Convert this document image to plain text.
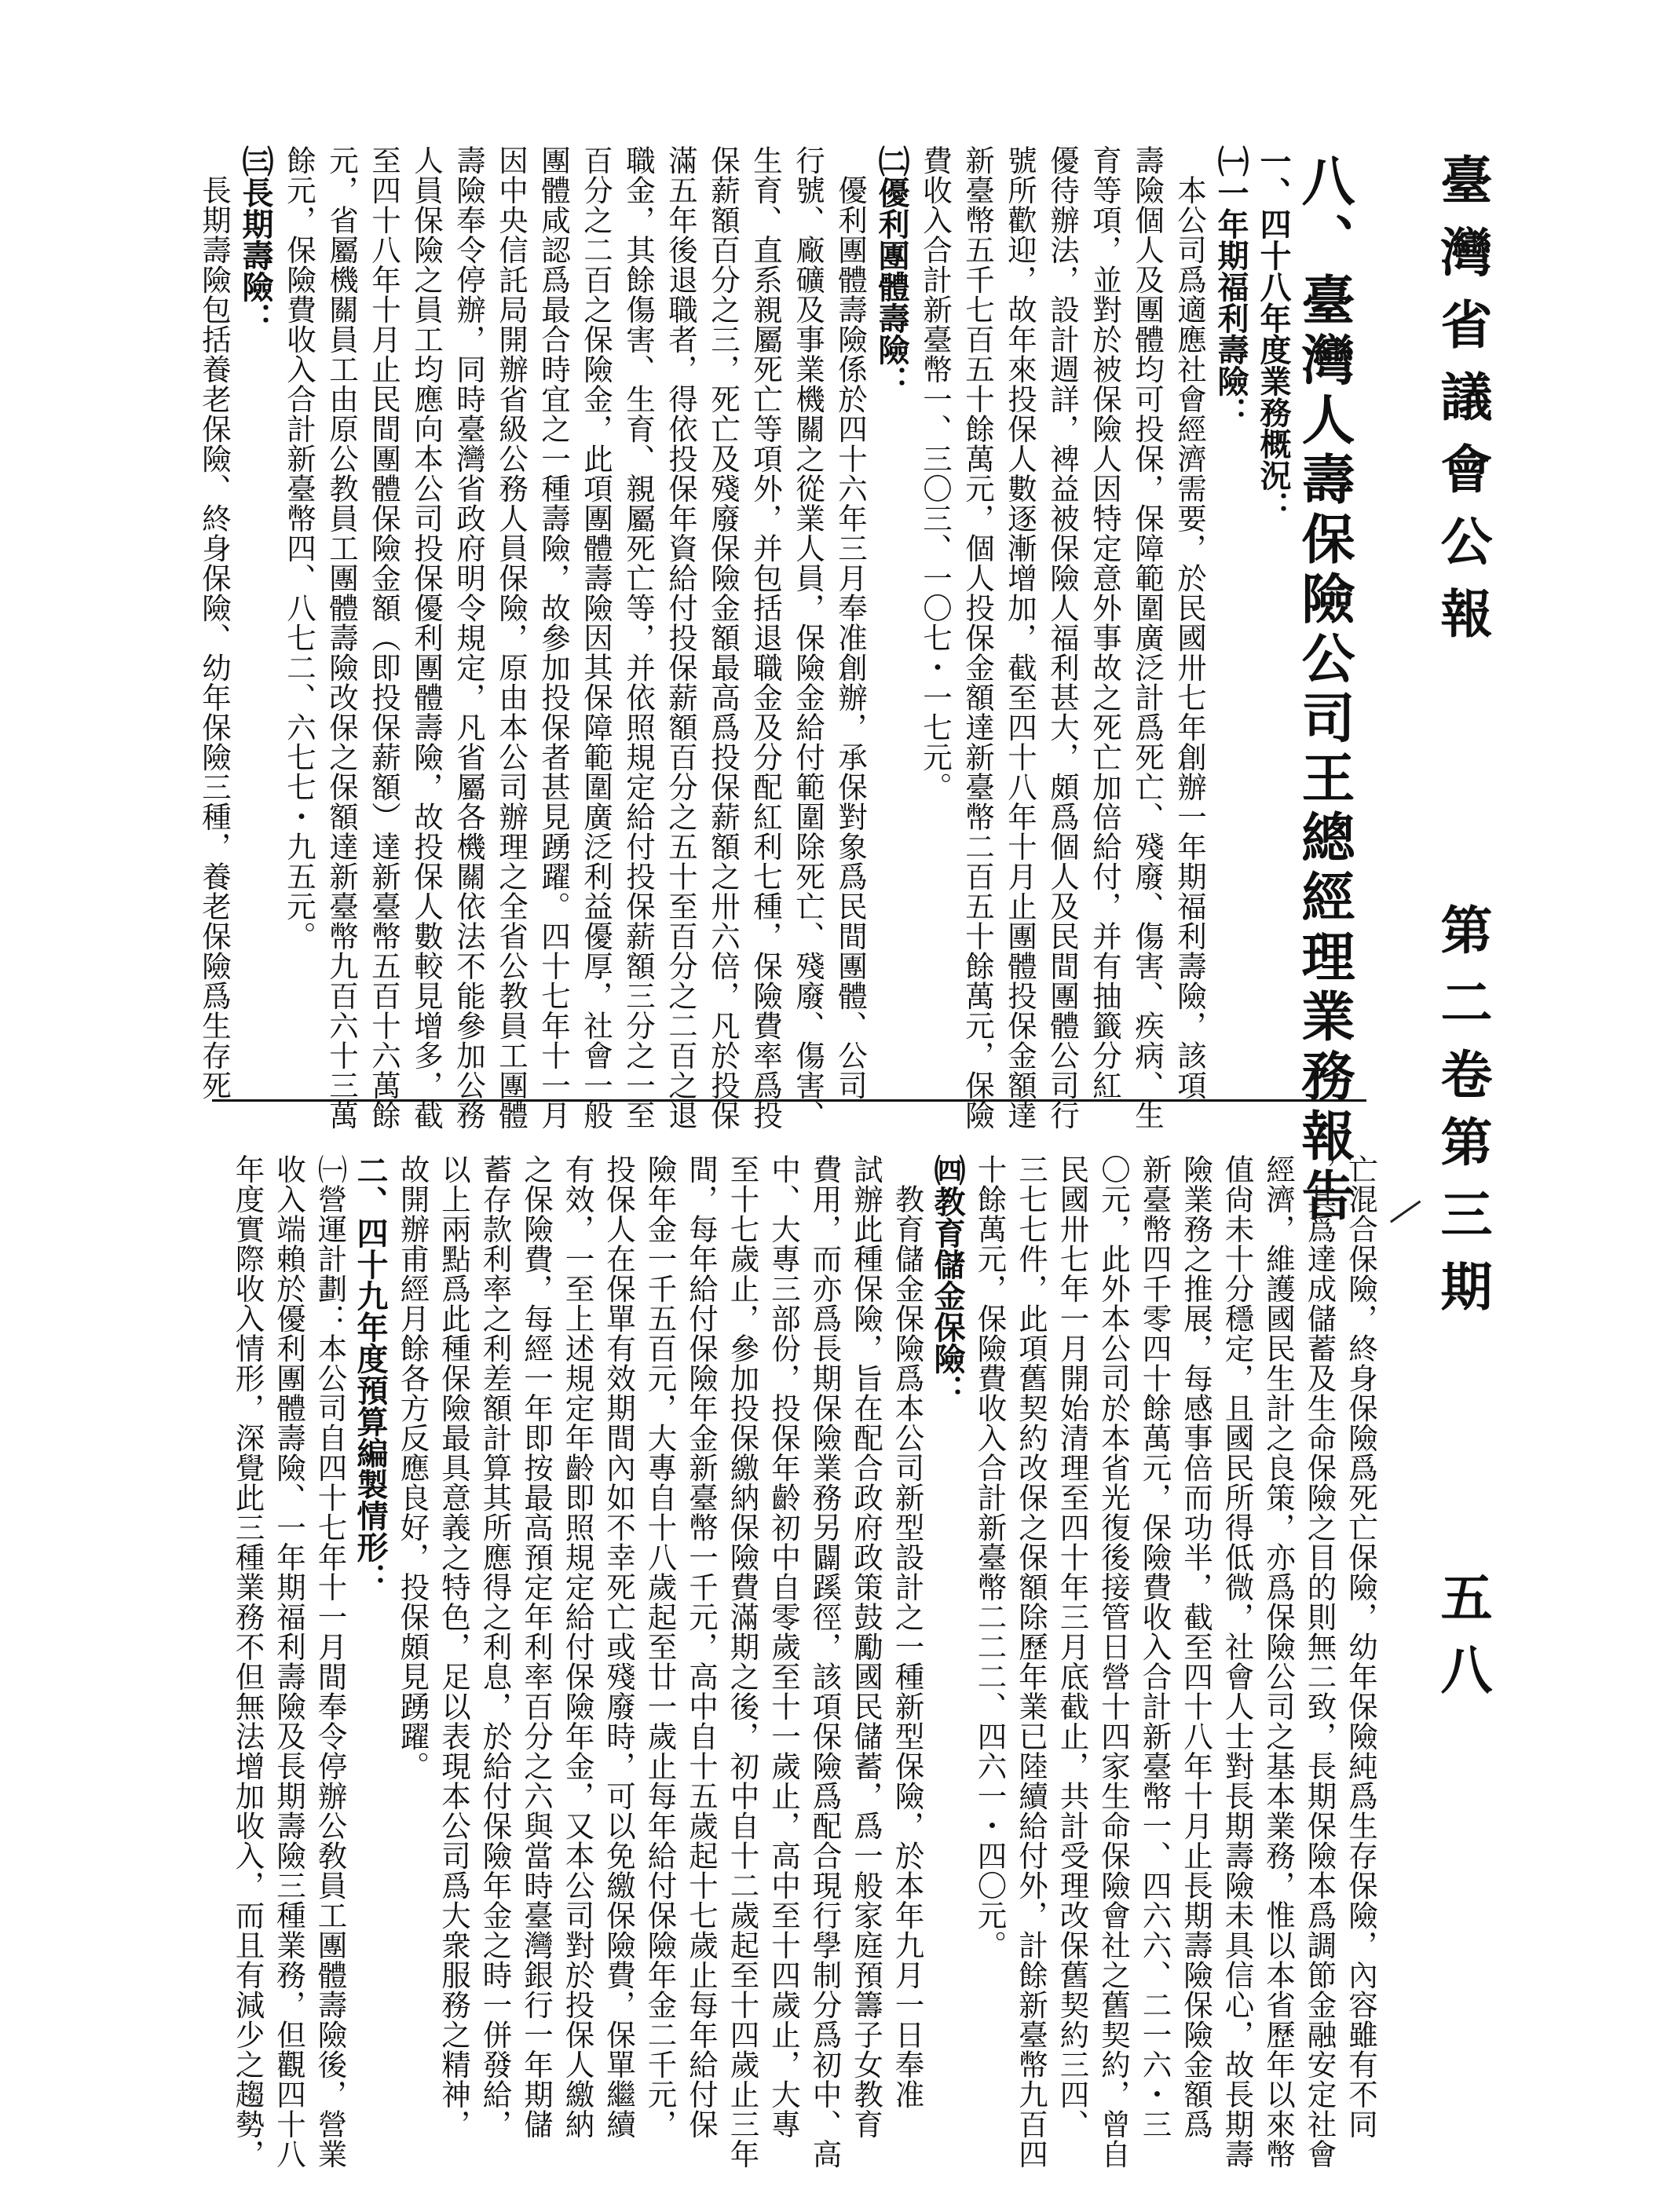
臺灣省議會公報
第二卷
第三期
五八
八、臺灣人壽保險公司王總經理業務報告
一、四十八年度業務概況：
㈠一年期福利壽險：
　本公司爲適應社會經濟需要，於民國卅七年創辦一年期福利壽險，該項
壽險個人及團體均可投保，保障範圍廣泛計爲死亡、殘廢、傷害、疾病、生
育等項，並對於被保險人因特定意外事故之死亡加倍給付，并有抽籤分紅
優待辦法，設計週詳，裨益被保險人福利甚大，頗爲個人及民間團體公司行
號所歡迎，故年來投保人數逐漸增加，截至四十八年十月止團體投保金額達
新臺幣五千七百五十餘萬元，個人投保金額達新臺幣二百五十餘萬元，保險
費收入合計新臺幣一、三〇三、一〇七・一七元。
㈡優利團體壽險：
　優利團體壽險係於四十六年三月奉准創辦，承保對象爲民間團體、公司
行號、廠礦及事業機關之從業人員，保險金給付範圍除死亡、殘廢、傷害、
生育、直系親屬死亡等項外，并包括退職金及分配紅利七種，保險費率爲投
保薪額百分之三，死亡及殘廢保險金額最高爲投保薪額之卅六倍，凡於投保
滿五年後退職者，得依投保年資給付投保薪額百分之五十至百分之二百之退
職金，其餘傷害、生育、親屬死亡等，并依照規定給付投保薪額三分之一至
百分之二百之保險金，此項團體壽險因其保障範圍廣泛利益優厚，社會一般
團體咸認爲最合時宜之一種壽險，故參加投保者甚見踴躍。四十七年十一月
因中央信託局開辦省級公務人員保險，原由本公司辦理之全省公教員工團體
壽險奉令停辦，同時臺灣省政府明令規定，凡省屬各機關依法不能參加公務
人員保險之員工均應向本公司投保優利團體壽險，故投保人數較見增多，截
至四十八年十月止民間團體保險金額（即投保薪額）達新臺幣五百十六萬餘
元，省屬機關員工由原公教員工團體壽險改保之保額達新臺幣九百六十三萬
餘元，保險費收入合計新臺幣四、八七二、六七七・九五元。
㈢長期壽險：
　長期壽險包括養老保險、終身保險、幼年保險三種，養老保險爲生存死
亡混合保險，終身保險爲死亡保險，幼年保險純爲生存保險，內容雖有不同
，其爲達成儲蓄及生命保險之目的則無二致，長期保險本爲調節金融安定社會
經濟，維護國民生計之良策，亦爲保險公司之基本業務，惟以本省歷年以來幣
值尙未十分穩定，且國民所得低微，社會人士對長期壽險未具信心，故長期壽
險業務之推展，每感事倍而功半，截至四十八年十月止長期壽險保險金額爲
新臺幣四千零四十餘萬元，保險費收入合計新臺幣一、四六六、二一六・三
〇元，此外本公司於本省光復後接管日營十四家生命保險會社之舊契約，曾自
民國卅七年一月開始清理至四十年三月底截止，共計受理改保舊契約三四、
三七七件，此項舊契約改保之保額除歷年業已陸續給付外，計餘新臺幣九百四
十餘萬元，保險費收入合計新臺幣二二二、四六一・四〇元。
㈣教育儲金保險：
　教育儲金保險爲本公司新型設計之一種新型保險，於本年九月一日奉准
試辦此種保險，旨在配合政府政策鼓勵國民儲蓄，爲一般家庭預籌子女教育
費用，而亦爲長期保險業務另闢蹊徑，該項保險爲配合現行學制分爲初中、高
中、大專三部份，投保年齡初中自零歲至十一歲止，高中至十四歲止，大專
至十七歲止，參加投保繳納保險費滿期之後，初中自十二歲起至十四歲止三年
間，每年給付保險年金新臺幣一千元，高中自十五歲起十七歲止每年給付保
險年金一千五百元，大專自十八歲起至廿一歲止每年給付保險年金二千元，
投保人在保單有效期間內如不幸死亡或殘廢時，可以免繳保險費，保單繼續
有效，一至上述規定年齡即照規定給付保險年金，又本公司對於投保人繳納
之保險費，每經一年即按最高預定年利率百分之六與當時臺灣銀行一年期儲
蓄存款利率之利差額計算其所應得之利息，於給付保險年金之時一併發給，
以上兩點爲此種保險最具意義之特色，足以表現本公司爲大衆服務之精神，
故開辦甫經月餘各方反應良好，投保頗見踴躍。
二、四十九年度預算編製情形：
㈠營運計劃：本公司自四十七年十一月間奉令停辦公敎員工團體壽險後，營業
收入端賴於優利團體壽險、一年期福利壽險及長期壽險三種業務，但觀四十八
年度實際收入情形，深覺此三種業務不但無法增加收入，而且有減少之趨勢，
